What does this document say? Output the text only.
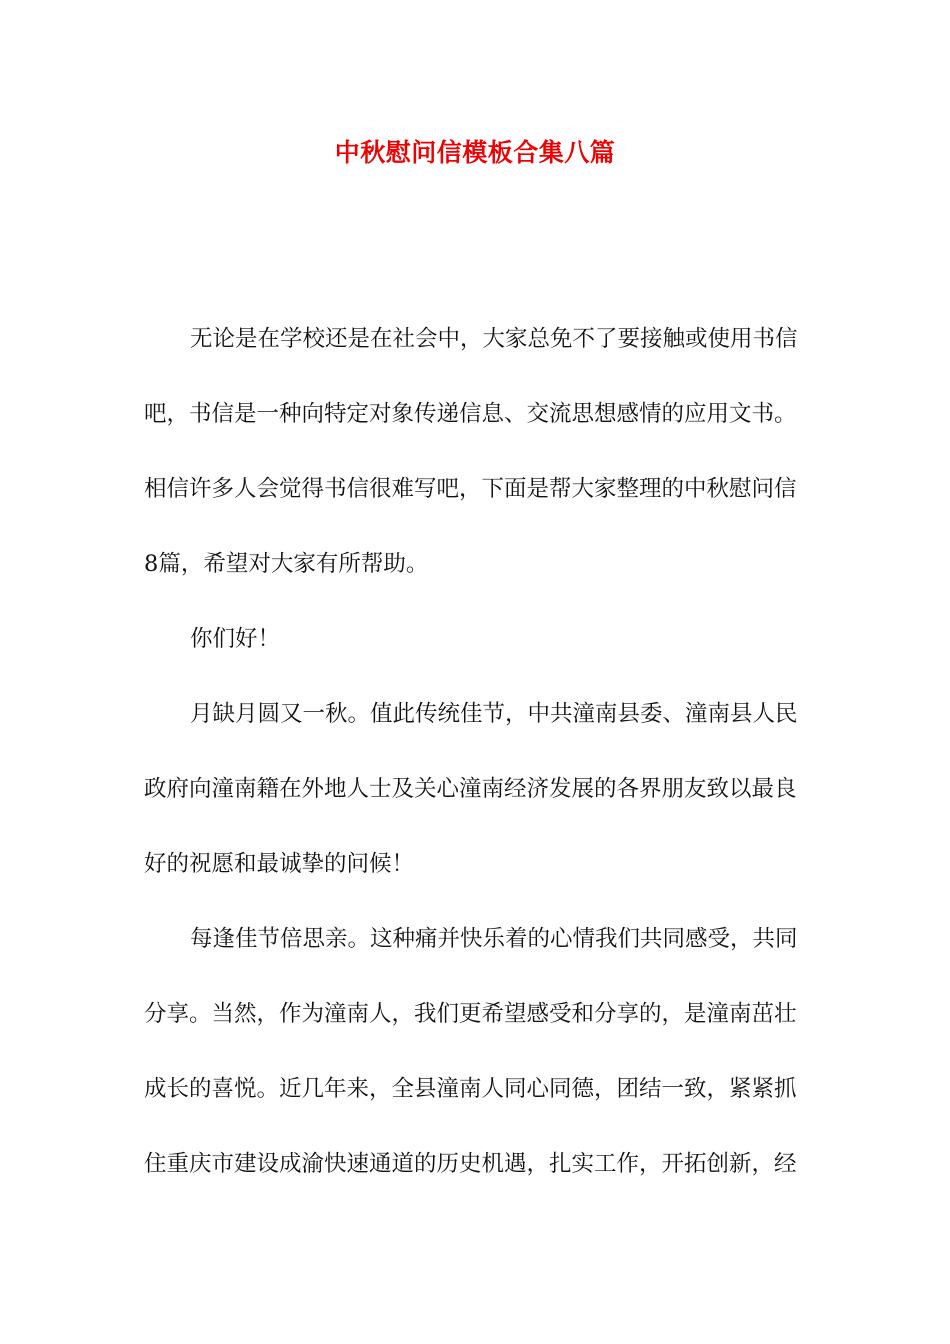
中秋慰问信模板合集八篇
无论是在学校还是在社会中，大家总免不了要接触或使用书信
吧，书信是一种向特定对象传递信息、交流思想感情的应用文书。
相信许多人会觉得书信很难写吧，下面是帮大家整理的中秋慰问信
8篇，希望对大家有所帮助。
你们好！
月缺月圆又一秋。值此传统佳节，中共潼南县委、潼南县人民
政府向潼南籍在外地人士及关心潼南经济发展的各界朋友致以最良
好的祝愿和最诚挚的问候！
每逢佳节倍思亲。这种痛并快乐着的心情我们共同感受，共同
分享。当然，作为潼南人，我们更希望感受和分享的，是潼南茁壮
成长的喜悦。近几年来，全县潼南人同心同德，团结一致，紧紧抓
住重庆市建设成渝快速通道的历史机遇，扎实工作，开拓创新，经
